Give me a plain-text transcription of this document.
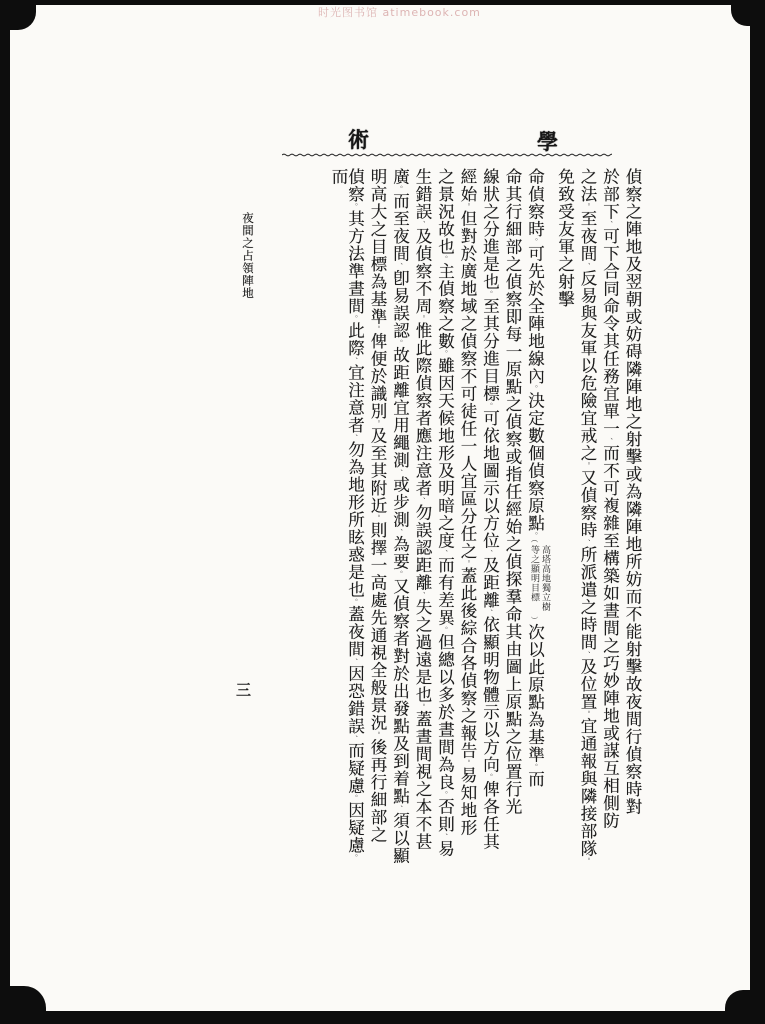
时光图书馆 atimebook.com
術	學
偵察之陣地及翌朝或妨碍隣陣地之射擊或為隣陣地所妨而不能射擊故夜間行偵察時對
於部下、可下合同命令其任務宜單一、而不可複雜至構築如晝間之巧妙陣地或謀互相側防
之法。至夜間、反易與友軍以危險宜戒之。又偵察時、所派遣之時間、及位置。宜通報與隣接部隊。
免致受友軍之射擊
命偵察時。可先於全陣地線內。決定數個偵察原點。（高塔高地獨立樹等之顯明目標）次以此原點為基準。而
命其行細部之偵察即每一原點之偵察或指任經始之偵探羣命其由圖上原點之位置行光
線狀之分進是也。至其分進目標。可依地圖示以方位、及距離、依顯明物體示以方向。俾各任其
經始。但對於廣地域之偵察不可徒任一人宜區分任之。蓋此後綜合各偵察之報告。易知地形
之景況故也。主偵察之數。雖因天候地形及明暗之度、而有差異。但總以多於晝間為良。否則、易
生錯誤、及偵察不周。惟此際偵察者應注意者、勿誤認距離、失之過遠是也。蓋晝間視之本不甚
廣。而至夜間、卽易誤認。故距離宜用繩測、或步測、為要。又偵察者對於出發點及到着點、須以顯
明高大之目標為基準。俾便於識別。及至其附近。則擇一高處先通視全般景況。後再行細部之
偵察。其方法準晝間。此際、宜注意者、勿為地形所眩惑是也。蓋夜間、因恐錯誤、而疑慮。因疑慮。而
夜間之占領陣地
三
